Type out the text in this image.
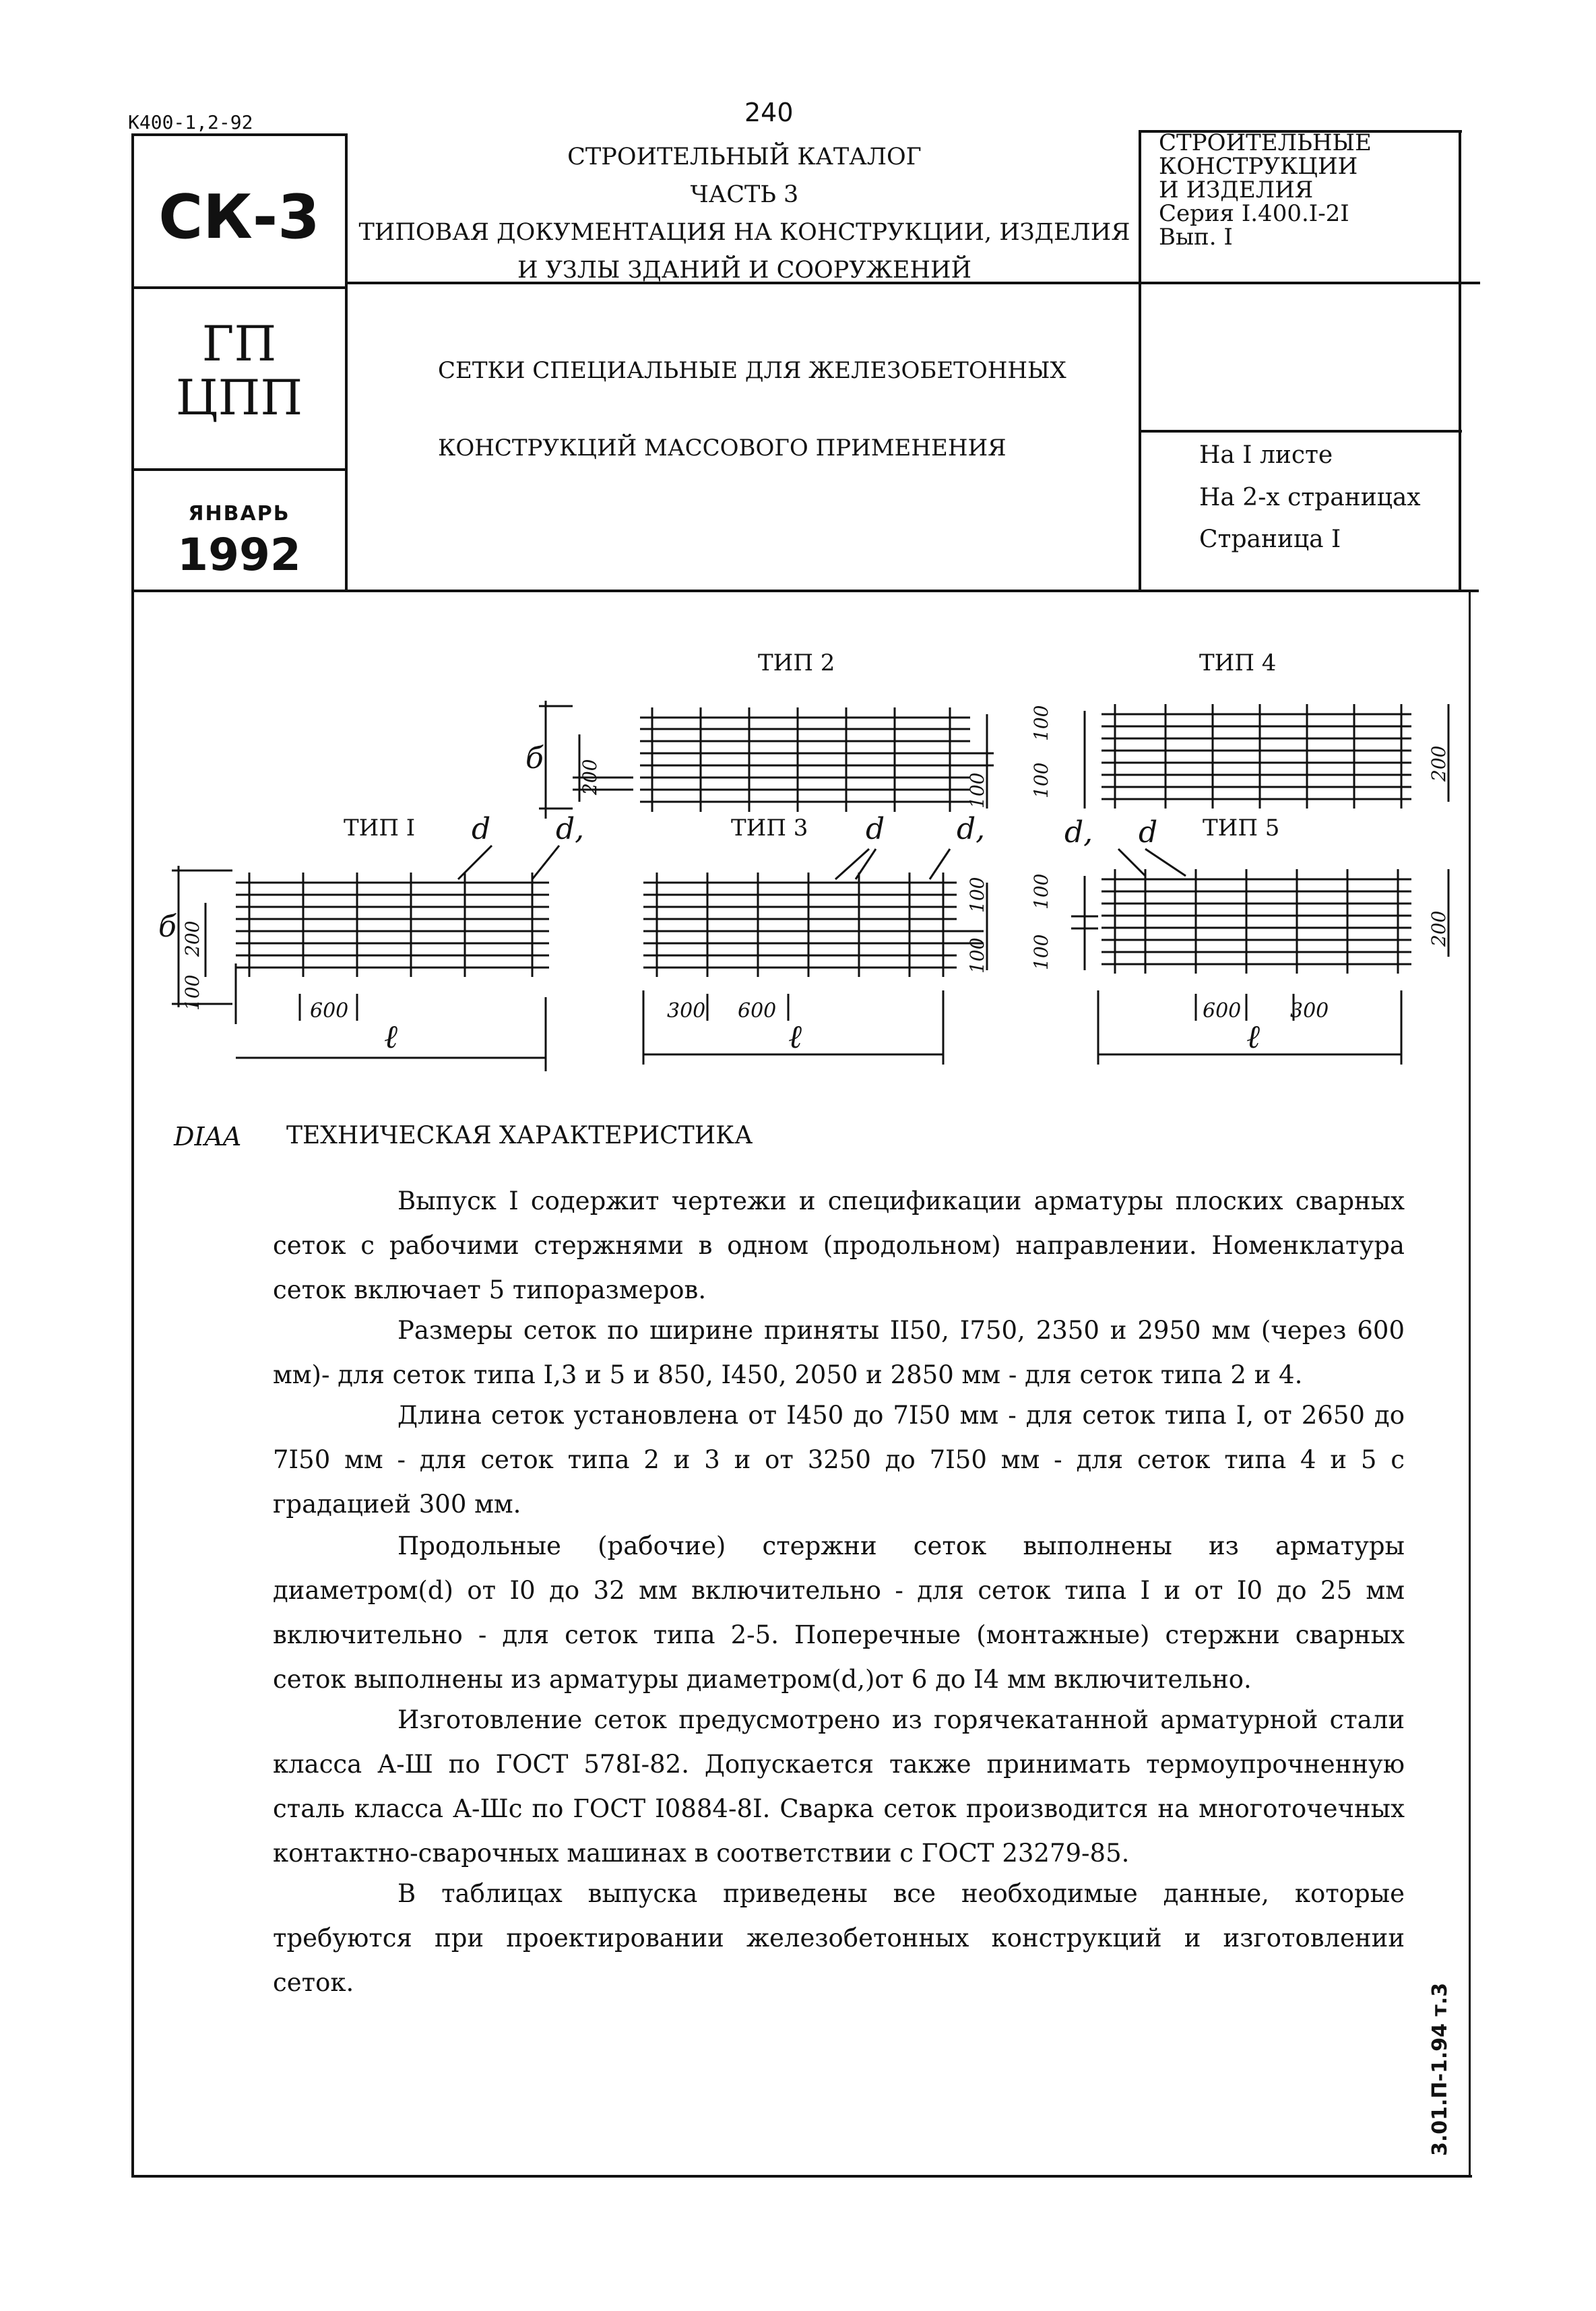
К400-1,2-92	240
СК-3
ГП
ЦПП
ЯНВАРЬ
1992
СТРОИТЕЛЬНЫЙ КАТАЛОГ
ЧАСТЬ 3
ТИПОВАЯ ДОКУМЕНТАЦИЯ НА КОНСТРУКЦИИ, ИЗДЕЛИЯ
И УЗЛЫ ЗДАНИЙ И СООРУЖЕНИЙ
СТРОИТЕЛЬНЫЕ
КОНСТРУКЦИИ
И ИЗДЕЛИЯ
Серия I.400.I-2I
Вып. I
СЕТКИ СПЕЦИАЛЬНЫЕ ДЛЯ ЖЕЛЕЗОБЕТОННЫХ
КОНСТРУКЦИЙ МАССОВОГО ПРИМЕНЕНИЯ	На I листе
На 2-х страницах
Страница I
ТИП 2	ТИП 4
ТИП I	ТИП 3	ТИП 5
d d,	d d,	d, d
б
б
ℓ	ℓ	ℓ
600	300 600	600 300
200	100
100
100	200
200
100
100
100
100
100
200
DIAA ТЕХНИЧЕСКАЯ ХАРАКТЕРИСТИКА
Выпуск I содержит чертежи и спецификации арматуры плоских сварных сеток с рабочими стержнями в одном (продольном) направлении. Номенклатура сеток включает 5 типоразмеров.
Размеры сеток по ширине приняты II50, I750, 2350 и 2950 мм (через 600 мм)- для сеток типа I,3 и 5 и 850, I450, 2050 и 2850 мм - для сеток типа 2 и 4.
Длина сеток установлена от I450 до 7I50 мм - для сеток типа I, от 2650 до 7I50 мм - для сеток типа 2 и 3 и от 3250 до 7I50 мм - для сеток типа 4 и 5 с градацией 300 мм.
Продольные (рабочие) стержни сеток выполнены из арматуры диаметром(d) от I0 до 32 мм включительно - для сеток типа I и от I0 до 25 мм включительно - для сеток типа 2-5. Поперечные (монтажные) стержни сварных сеток выполнены из арматуры диаметром(d,)от 6 до I4 мм включительно.
Изготовление сеток предусмотрено из горячекатанной арматурной стали класса А-Ш по ГОСТ 578I-82. Допускается также принимать термоупрочненную сталь класса А-Шс по ГОСТ I0884-8I. Сварка сеток производится на многоточечных контактно-сварочных машинах в соответствии с ГОСТ 23279-85.
В таблицах выпуска приведены все необходимые данные, которые требуются при проектировании железобетонных конструкций и изготовлении сеток.
3.01.П-1.94 т.3
